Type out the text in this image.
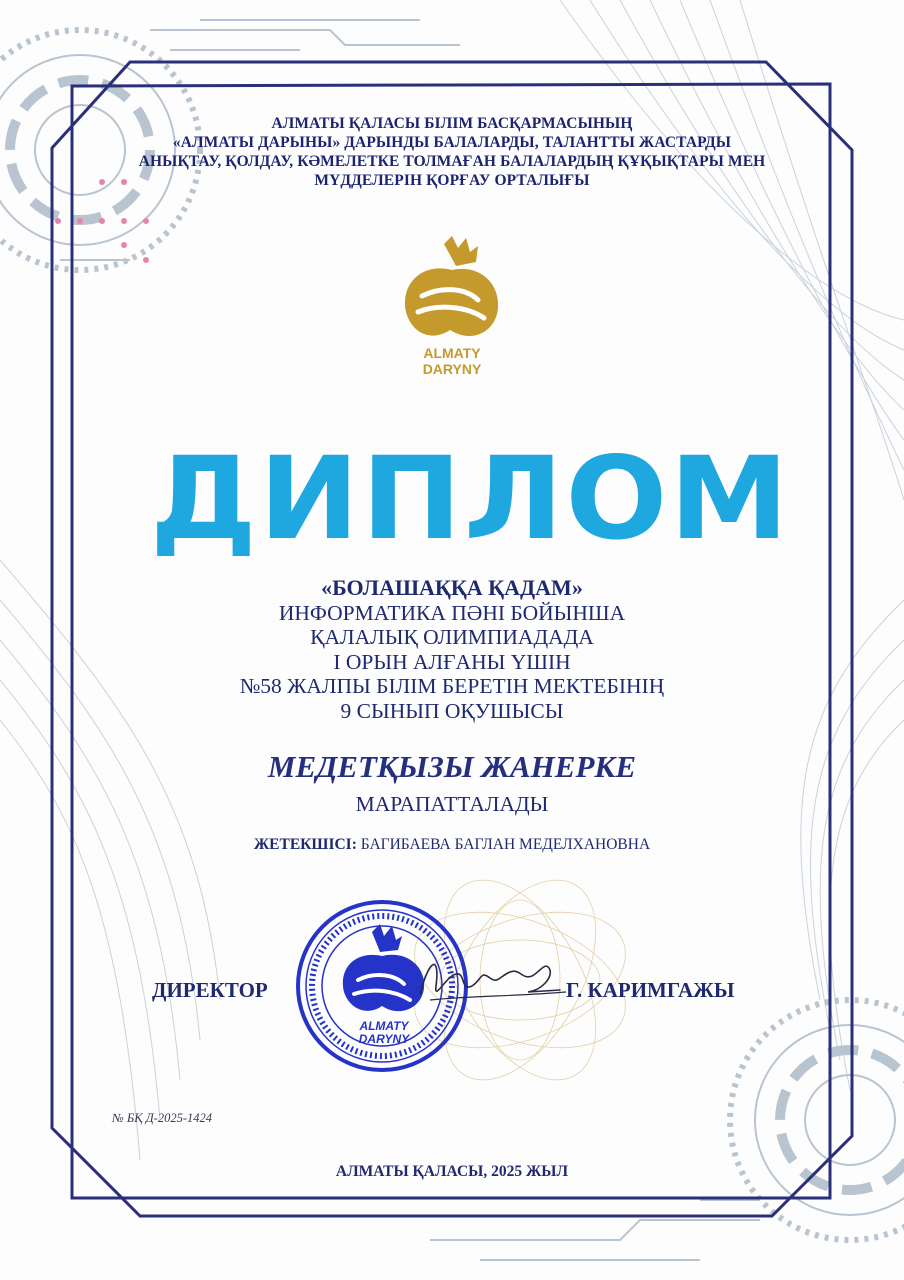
АЛМАТЫ ҚАЛАСЫ БІЛІМ БАСҚАРМАСЫНЫҢ
«АЛМАТЫ ДАРЫНЫ» ДАРЫНДЫ БАЛАЛАРДЫ, ТАЛАНТТЫ ЖАСТАРДЫ
АНЫҚТАУ, ҚОЛДАУ, КӘМЕЛЕТКЕ ТОЛМАҒАН БАЛАЛАРДЫҢ ҚҰҚЫҚТАРЫ МЕН
МҮДДЕЛЕРІН ҚОРҒАУ ОРТАЛЫҒЫ
ALMATY
DARYNY
ДИПЛОМ
«БОЛАШАҚҚА ҚАДАМ»
ИНФОРМАТИКА ПӘНІ БОЙЫНША
ҚАЛАЛЫҚ ОЛИМПИАДАДА
I ОРЫН АЛҒАНЫ ҮШІН
№58 ЖАЛПЫ БІЛІМ БЕРЕТІН МЕКТЕБІНІҢ
9 СЫНЫП ОҚУШЫСЫ
МЕДЕТҚЫЗЫ ЖАНЕРКЕ
МАРАПАТТАЛАДЫ
ЖЕТЕКШІСІ: БАГИБАЕВА БАГЛАН МЕДЕЛХАНОВНА
ДИРЕКТОР
ALMATY
DARYNY
Г. КАРИМГАЖЫ
№ БҚ Д-2025-1424
АЛМАТЫ ҚАЛАСЫ, 2025 ЖЫЛ
